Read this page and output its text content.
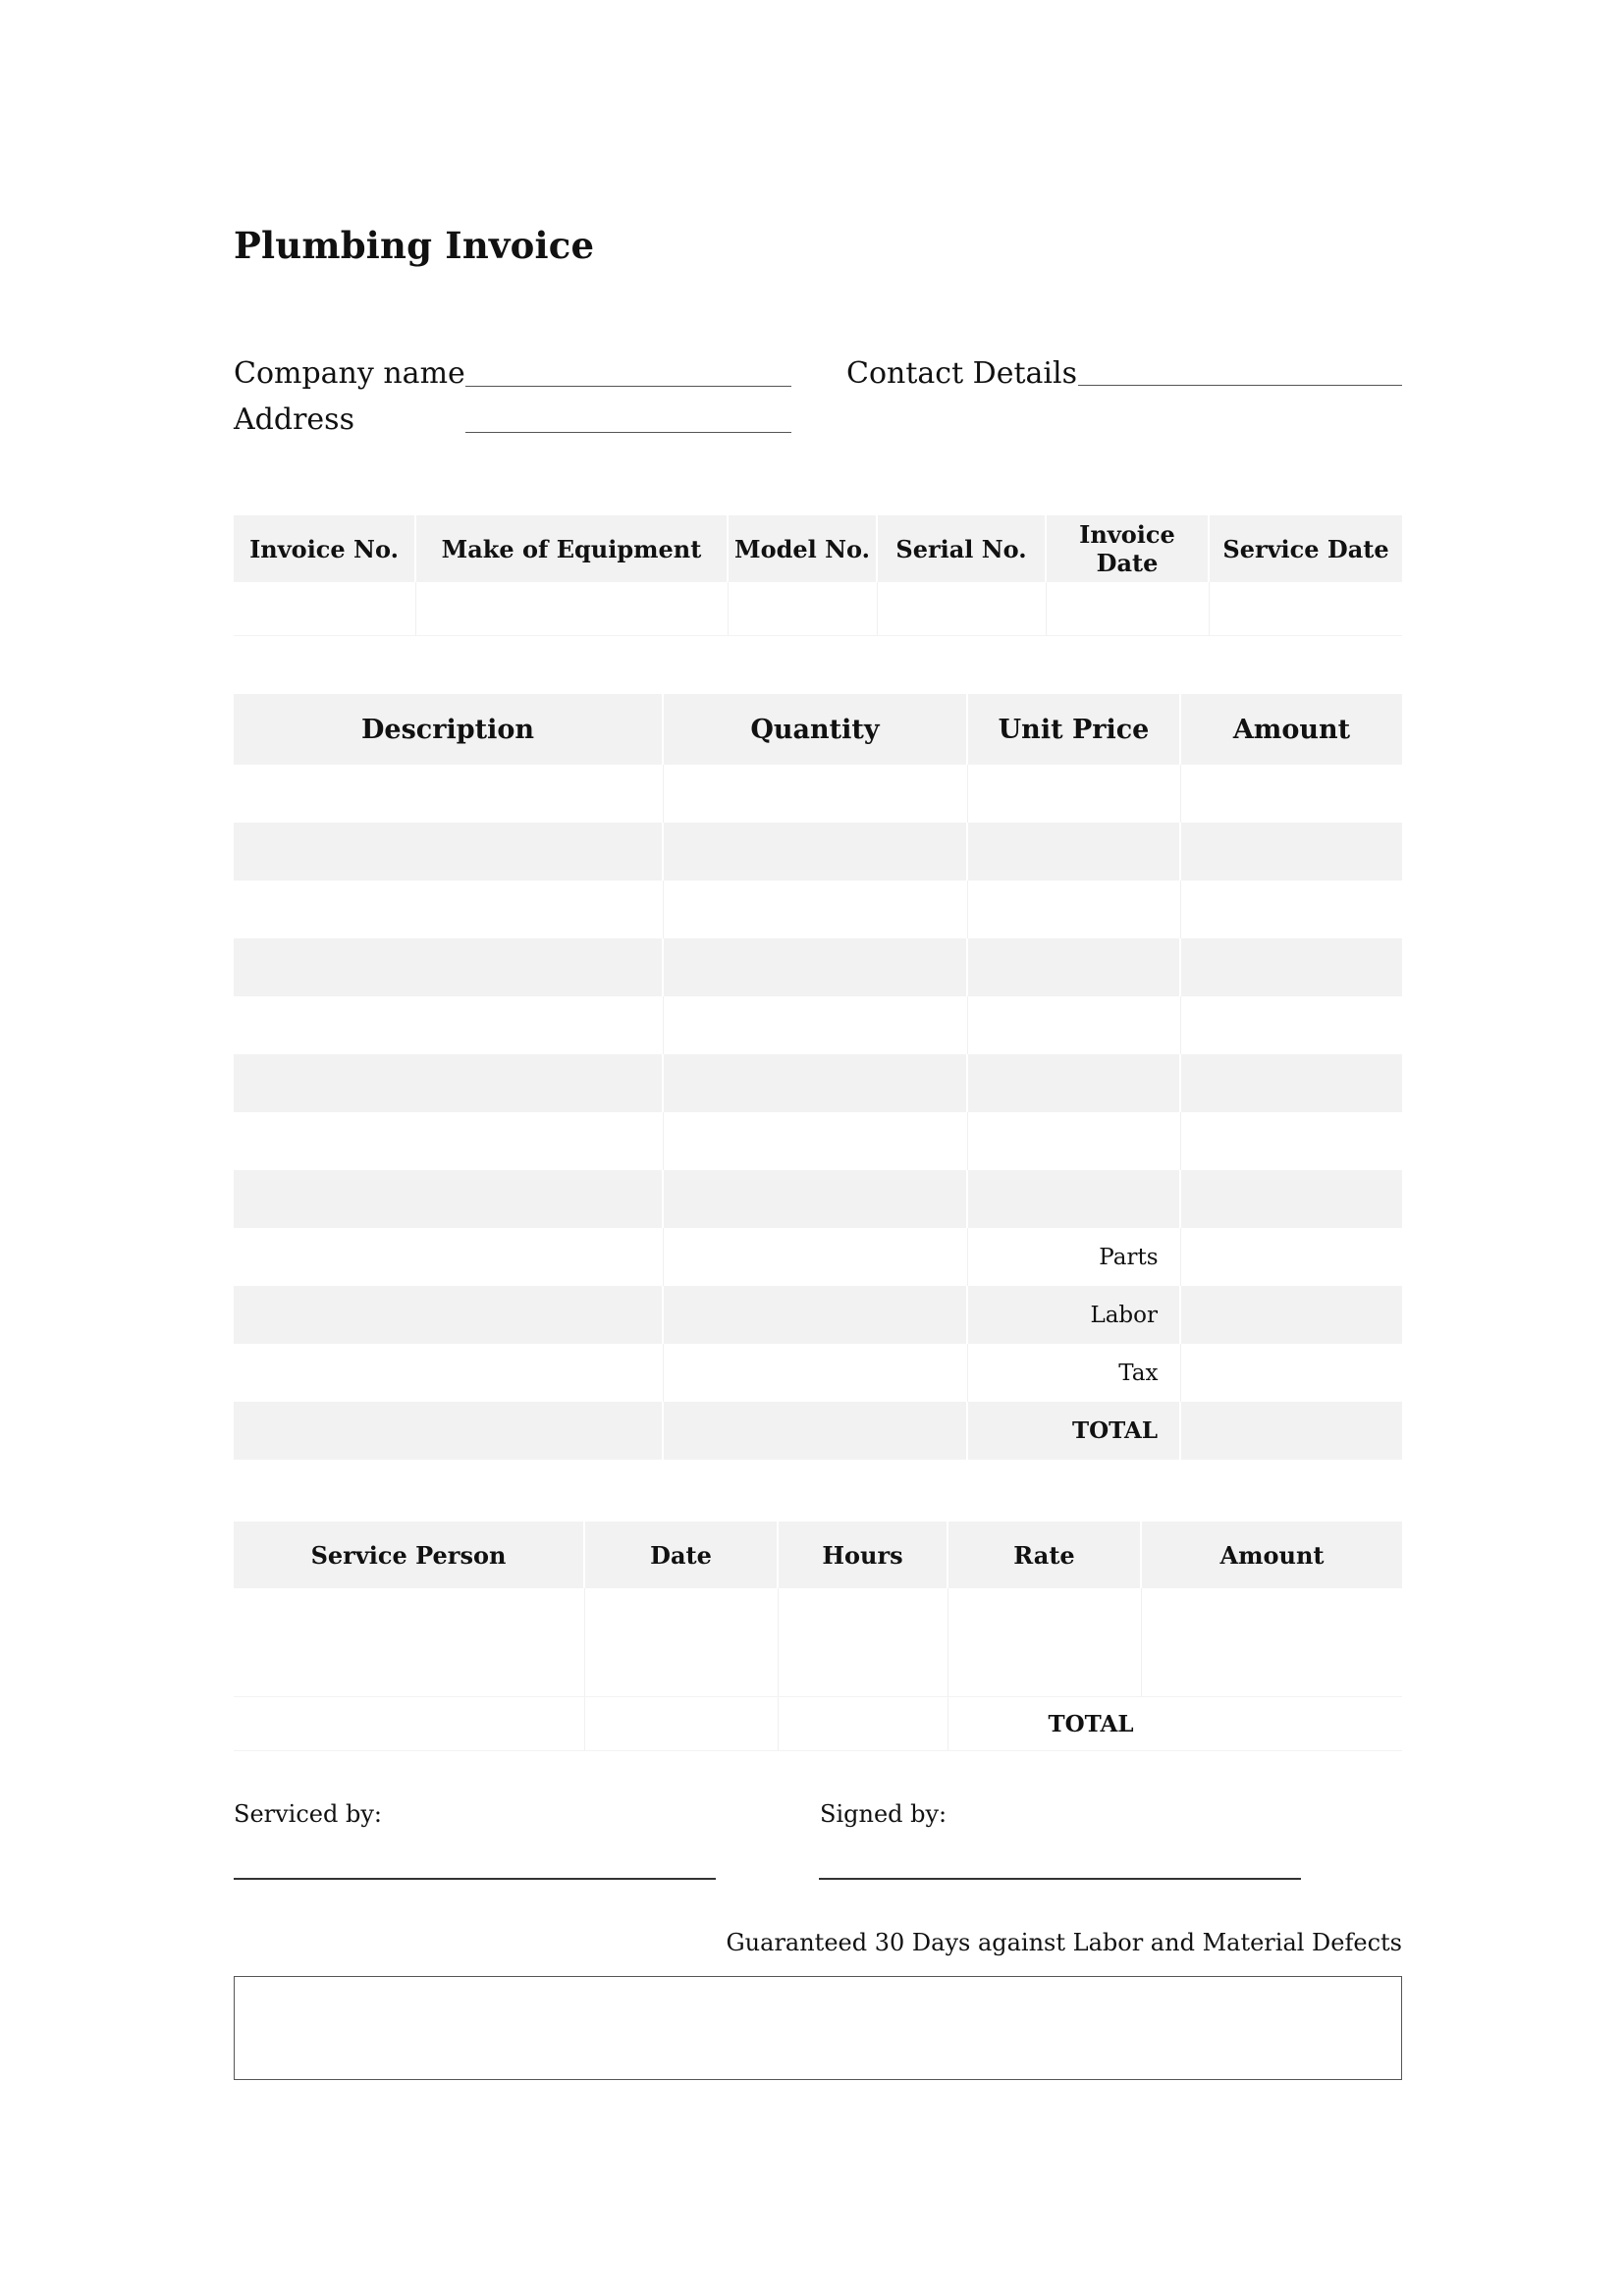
Plumbing Invoice
Company name
Address
Contact Details
Invoice No.	Make of Equipment	Model No.	Serial No.	Invoice Date	Service Date

Description	Quantity	Unit Price	Amount

		Parts	
		Labor	
		Tax	
		TOTAL	
Service Person	Date	Hours	Rate	Amount

			TOTAL	
Serviced by:	Signed by:
Guaranteed 30 Days against Labor and Material Defects
